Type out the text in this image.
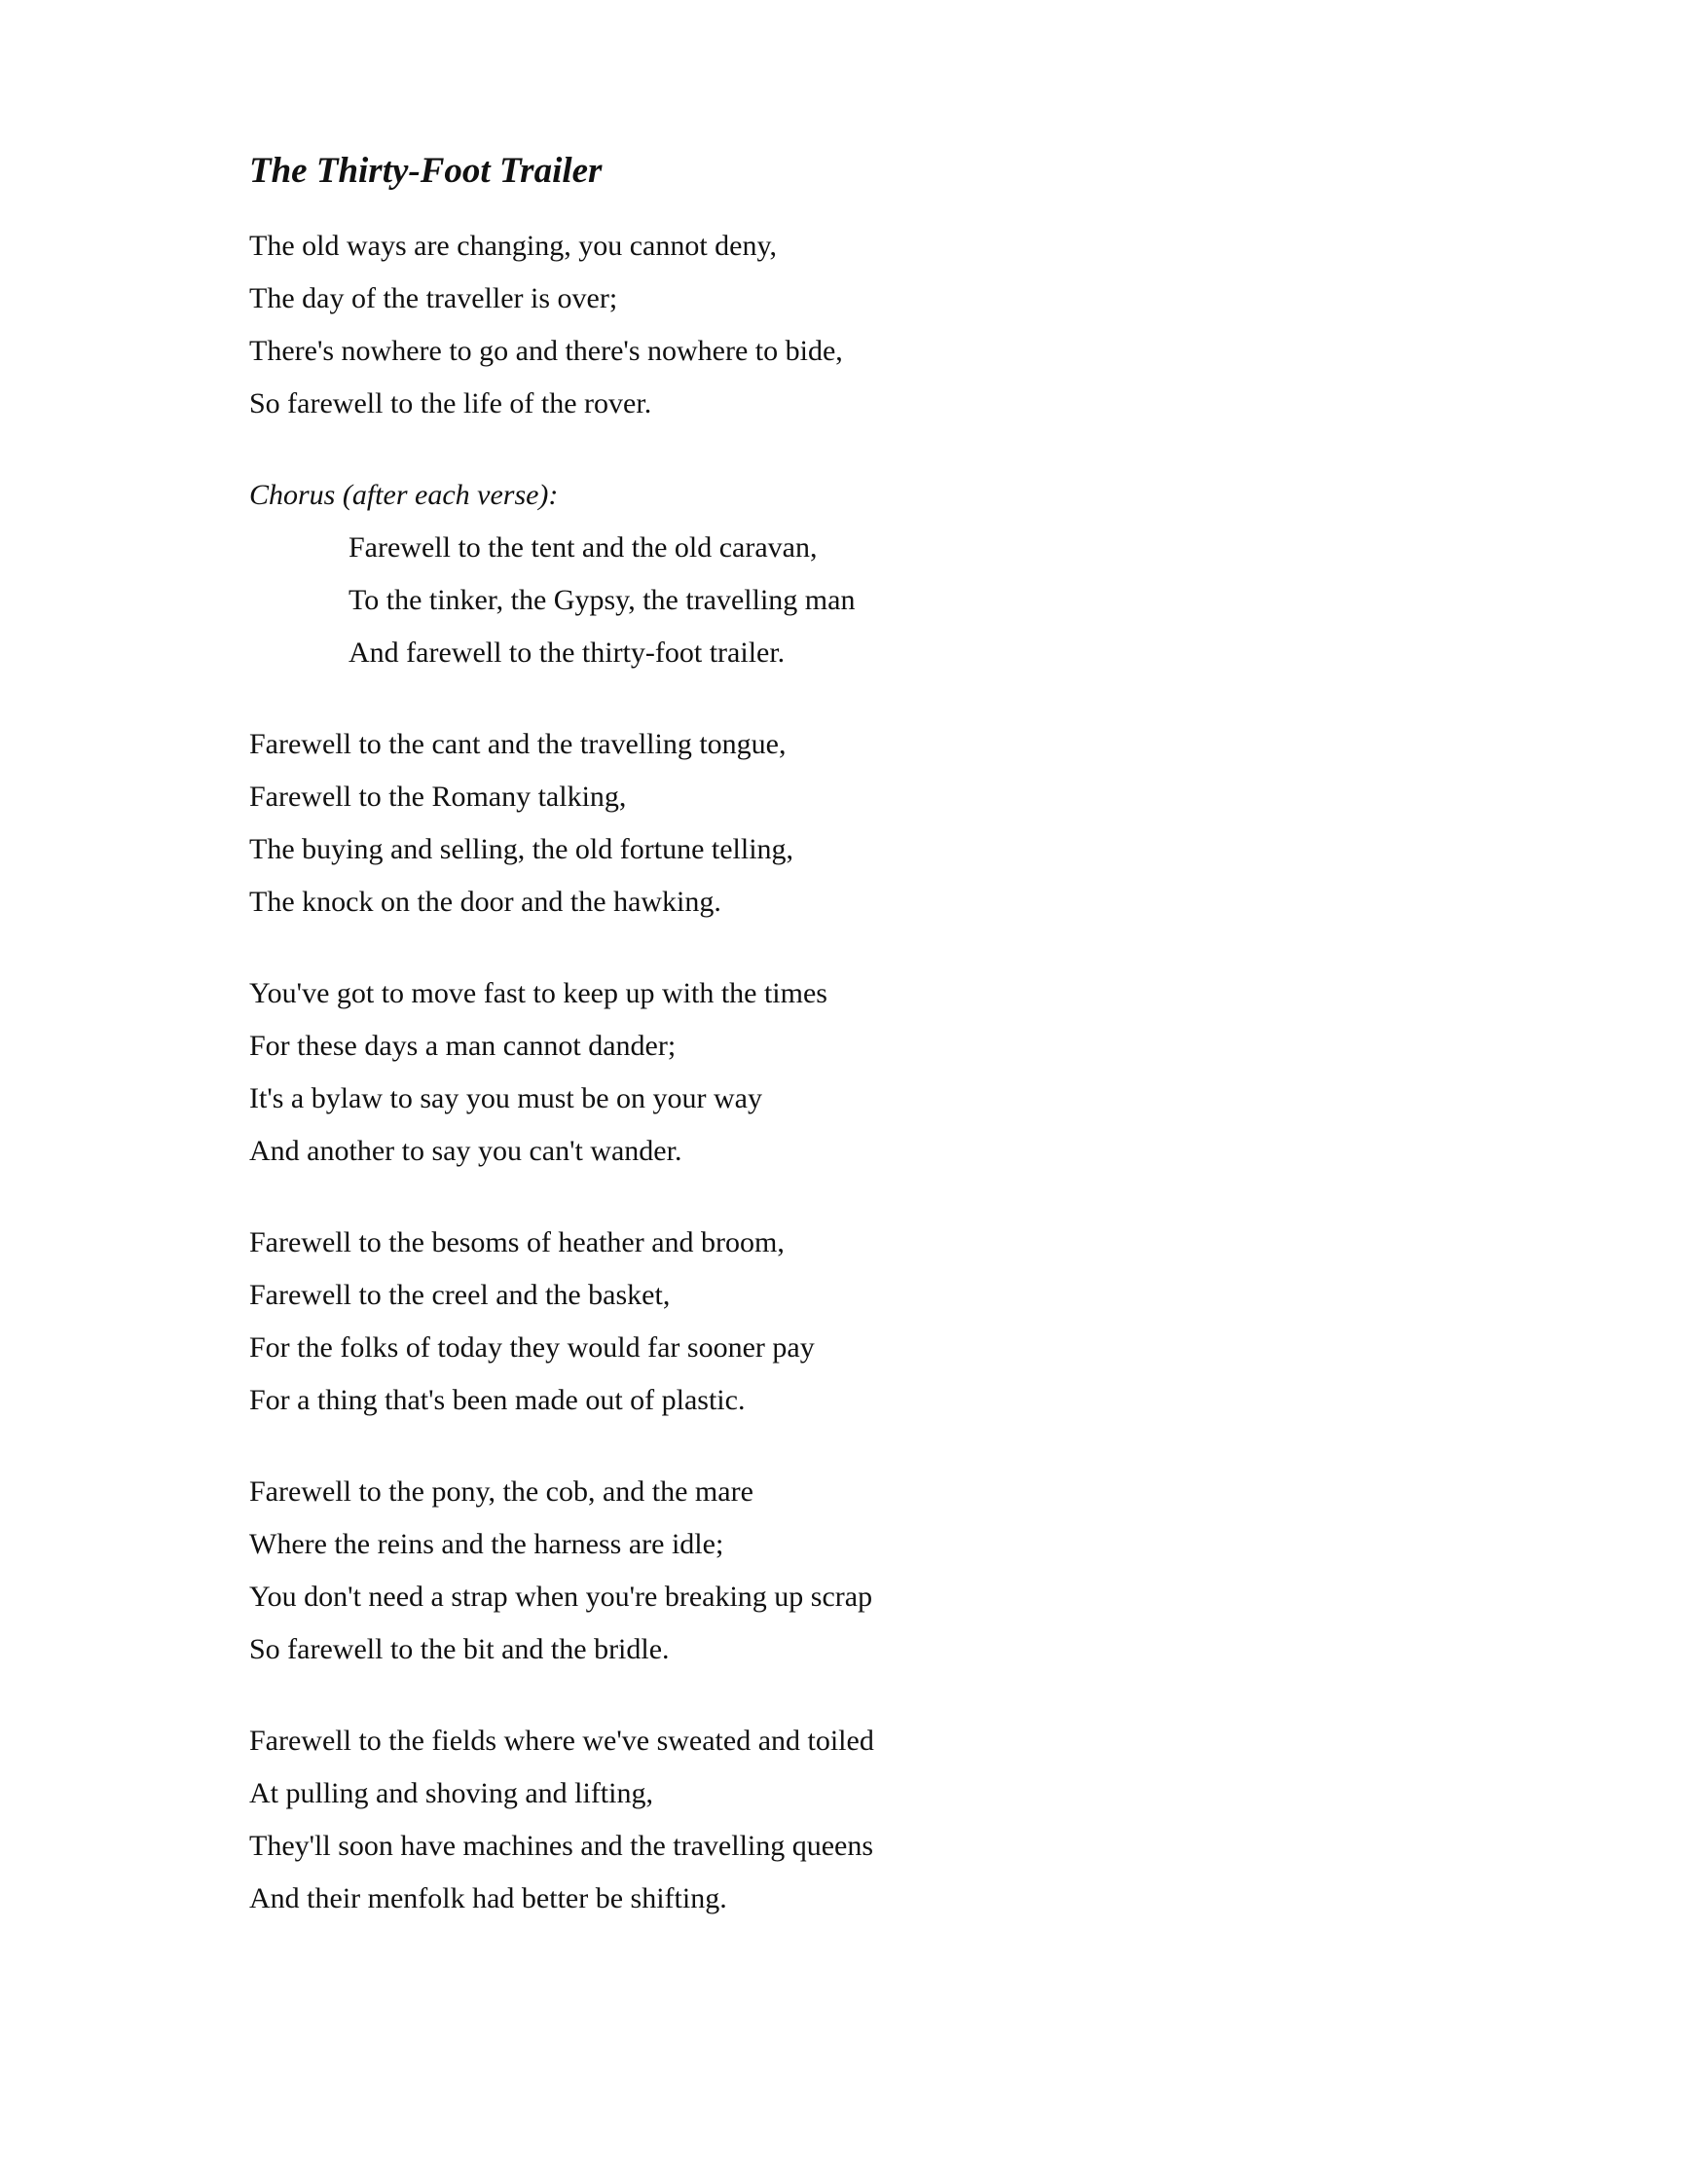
The Thirty-Foot Trailer
The old ways are changing, you cannot deny,
The day of the traveller is over;
There's nowhere to go and there's nowhere to bide,
So farewell to the life of the rover.
Chorus (after each verse):
Farewell to the tent and the old caravan,
To the tinker, the Gypsy, the travelling man
And farewell to the thirty-foot trailer.
Farewell to the cant and the travelling tongue,
Farewell to the Romany talking,
The buying and selling, the old fortune telling,
The knock on the door and the hawking.
You've got to move fast to keep up with the times
For these days a man cannot dander;
It's a bylaw to say you must be on your way
And another to say you can't wander.
Farewell to the besoms of heather and broom,
Farewell to the creel and the basket,
For the folks of today they would far sooner pay
For a thing that's been made out of plastic.
Farewell to the pony, the cob, and the mare
Where the reins and the harness are idle;
You don't need a strap when you're breaking up scrap
So farewell to the bit and the bridle.
Farewell to the fields where we've sweated and toiled
At pulling and shoving and lifting,
They'll soon have machines and the travelling queens
And their menfolk had better be shifting.
